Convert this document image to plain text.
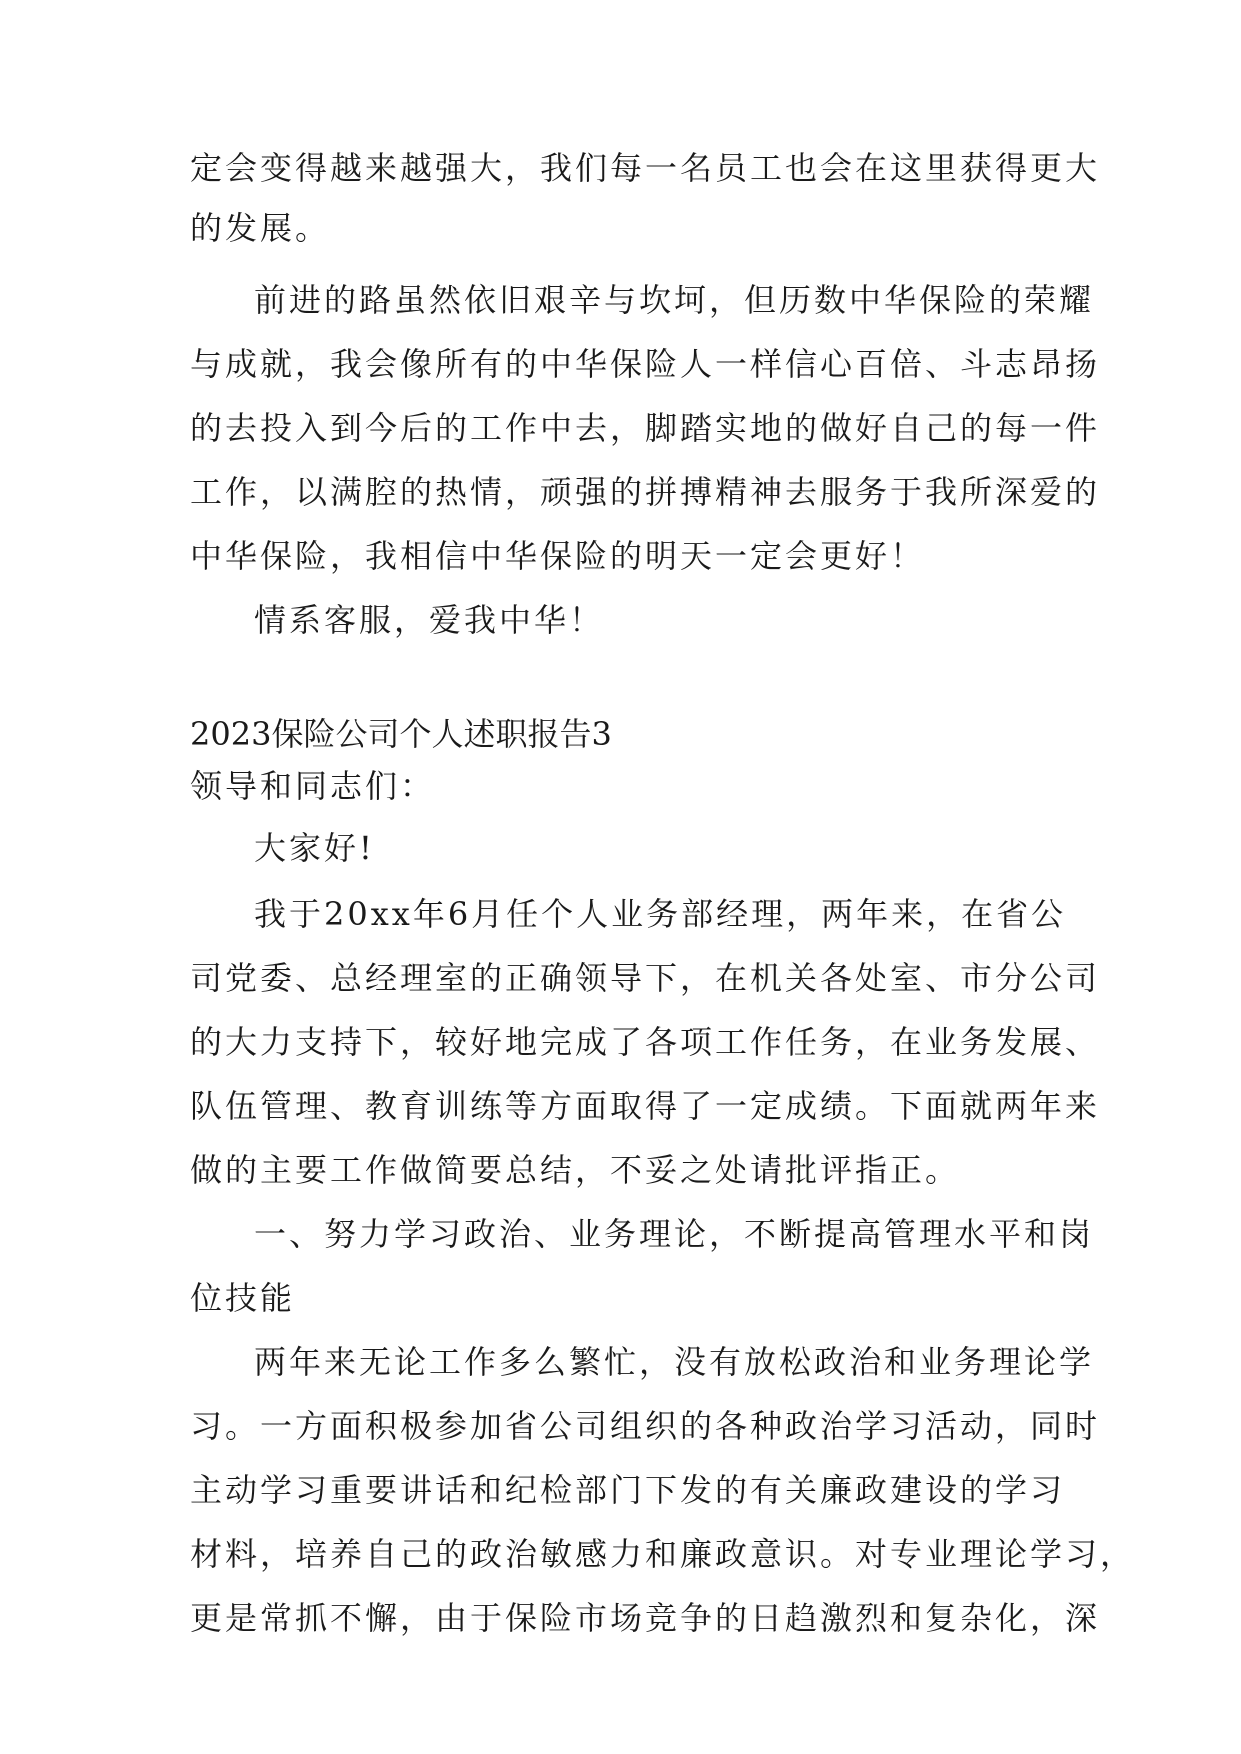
定会变得越来越强大，我们每一名员工也会在这里获得更大
的发展。
前进的路虽然依旧艰辛与坎坷，但历数中华保险的荣耀
与成就，我会像所有的中华保险人一样信心百倍、斗志昂扬
的去投入到今后的工作中去，脚踏实地的做好自己的每一件
工作，以满腔的热情，顽强的拼搏精神去服务于我所深爱的
中华保险，我相信中华保险的明天一定会更好！
情系客服，爱我中华！
2023保险公司个人述职报告3
领导和同志们：
大家好!
我于20xx年6月任个人业务部经理，两年来，在省公
司党委、总经理室的正确领导下，在机关各处室、市分公司
的大力支持下，较好地完成了各项工作任务，在业务发展、
队伍管理、教育训练等方面取得了一定成绩。下面就两年来
做的主要工作做简要总结，不妥之处请批评指正。
一、努力学习政治、业务理论，不断提高管理水平和岗
位技能
两年来无论工作多么繁忙，没有放松政治和业务理论学
习。一方面积极参加省公司组织的各种政治学习活动，同时
主动学习重要讲话和纪检部门下发的有关廉政建设的学习
材料，培养自己的政治敏感力和廉政意识。对专业理论学习，
更是常抓不懈，由于保险市场竞争的日趋激烈和复杂化，深
